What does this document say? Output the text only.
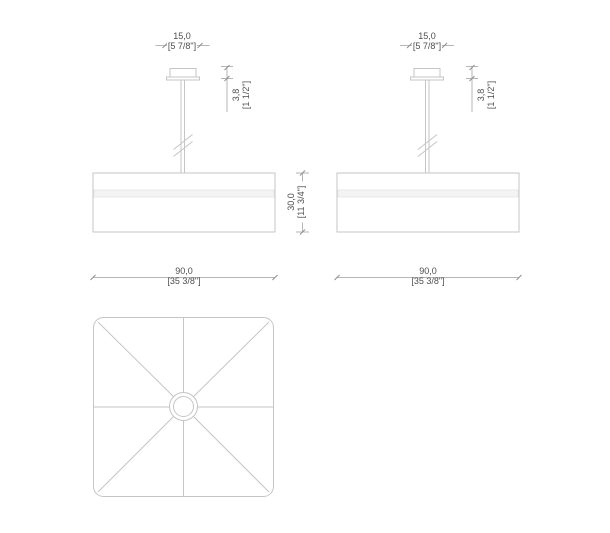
15,0
[5 7/8"]
15,0
[5 7/8"]
3,8 [1 1/2"]	3,8 [1 1/2"]
30,0 [11 3/4"]
90,0
[35 3/8"]
90,0
[35 3/8"]
